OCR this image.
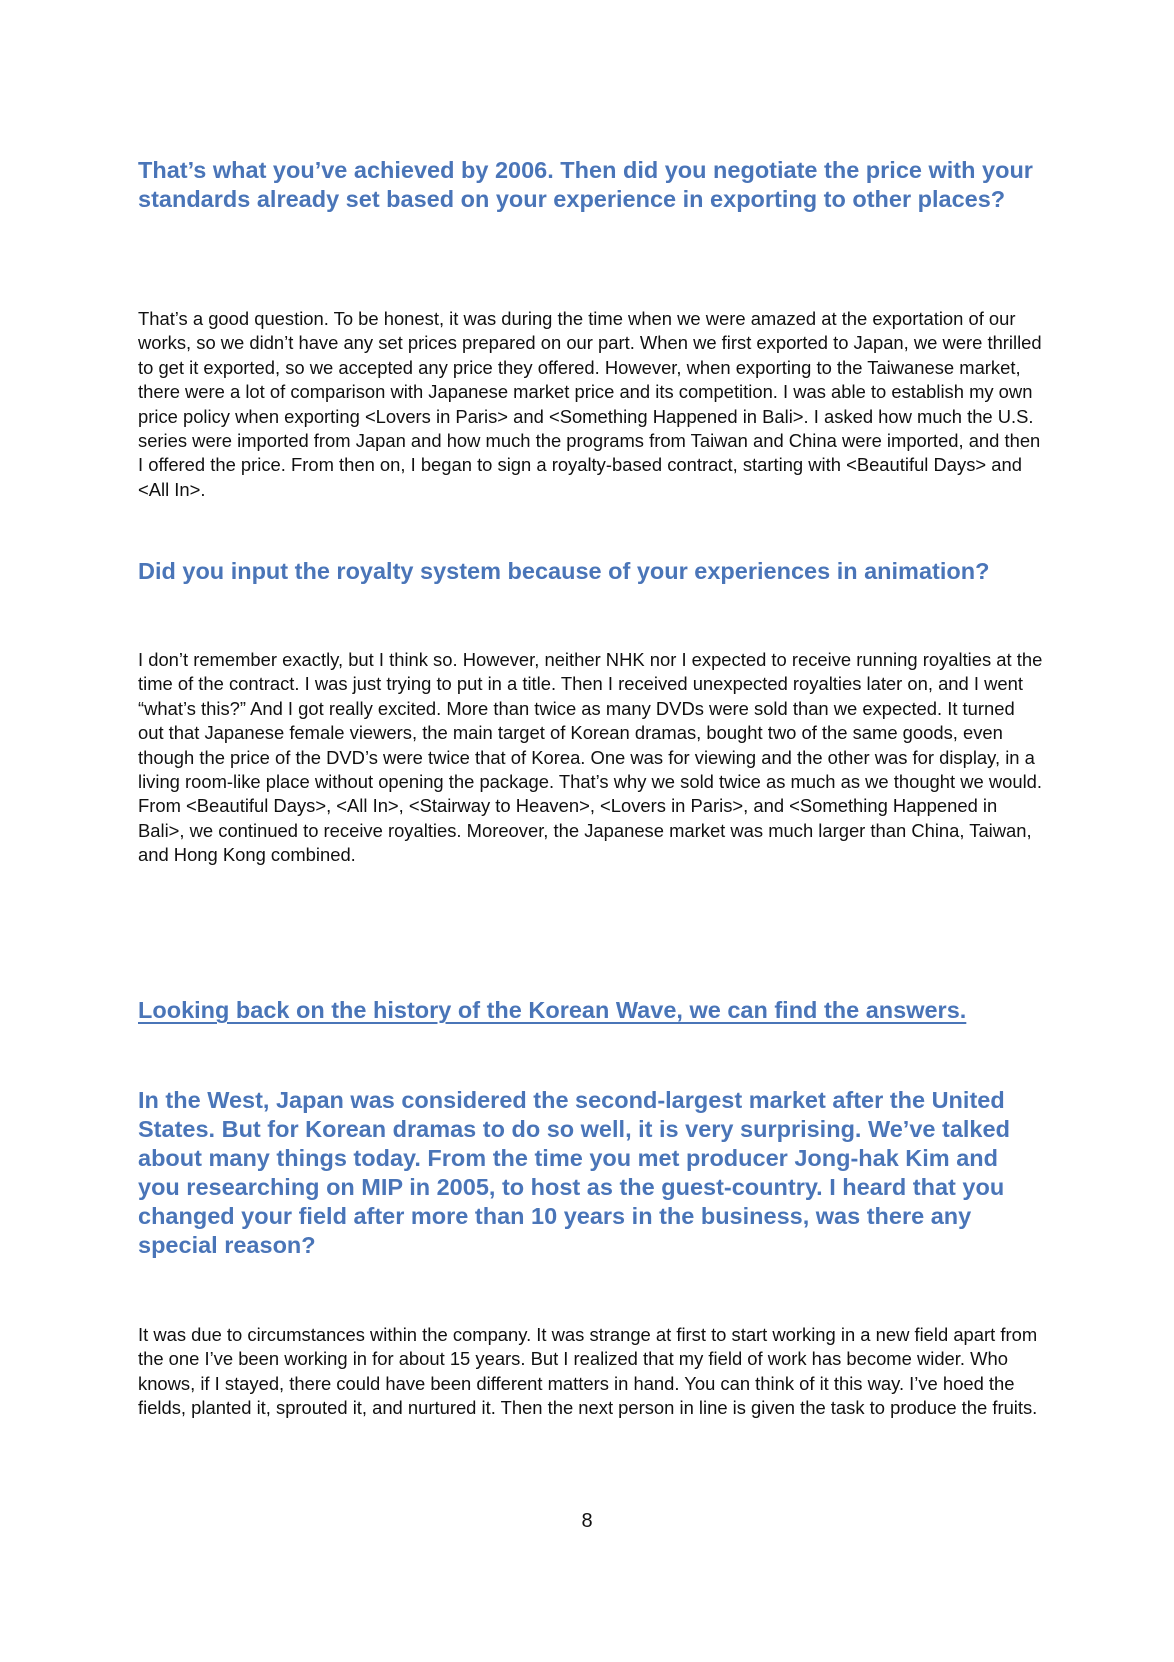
That’s what you’ve achieved by 2006. Then did you negotiate the price with your standards already set based on your experience in exporting to other places?

That’s a good question. To be honest, it was during the time when we were amazed at the exportation of our works, so we didn’t have any set prices prepared on our part. When we first exported to Japan, we were thrilled to get it exported, so we accepted any price they offered. However, when exporting to the Taiwanese market, there were a lot of comparison with Japanese market price and its competition. I was able to establish my own price policy when exporting <Lovers in Paris> and <Something Happened in Bali>. I asked how much the U.S. series were imported from Japan and how much the programs from Taiwan and China were imported, and then I offered the price. From then on, I began to sign a royalty-based contract, starting with <Beautiful Days> and <All In>.

Did you input the royalty system because of your experiences in animation?

I don’t remember exactly, but I think so. However, neither NHK nor I expected to receive running royalties at the time of the contract. I was just trying to put in a title. Then I received unexpected royalties later on, and I went “what’s this?” And I got really excited. More than twice as many DVDs were sold than we expected. It turned out that Japanese female viewers, the main target of Korean dramas, bought two of the same goods, even though the price of the DVD’s were twice that of Korea. One was for viewing and the other was for display, in a living room-like place without opening the package. That’s why we sold twice as much as we thought we would. From <Beautiful Days>, <All In>, <Stairway to Heaven>, <Lovers in Paris>, and <Something Happened in Bali>, we continued to receive royalties. Moreover, the Japanese market was much larger than China, Taiwan, and Hong Kong combined.

Looking back on the history of the Korean Wave, we can find the answers.

In the West, Japan was considered the second-largest market after the United States. But for Korean dramas to do so well, it is very surprising. We’ve talked about many things today. From the time you met producer Jong-hak Kim and you researching on MIP in 2005, to host as the guest-country. I heard that you changed your field after more than 10 years in the business, was there any special reason?

It was due to circumstances within the company. It was strange at first to start working in a new field apart from the one I’ve been working in for about 15 years. But I realized that my field of work has become wider. Who knows, if I stayed, there could have been different matters in hand. You can think of it this way. I’ve hoed the fields, planted it, sprouted it, and nurtured it. Then the next person in line is given the task to produce the fruits.

8
